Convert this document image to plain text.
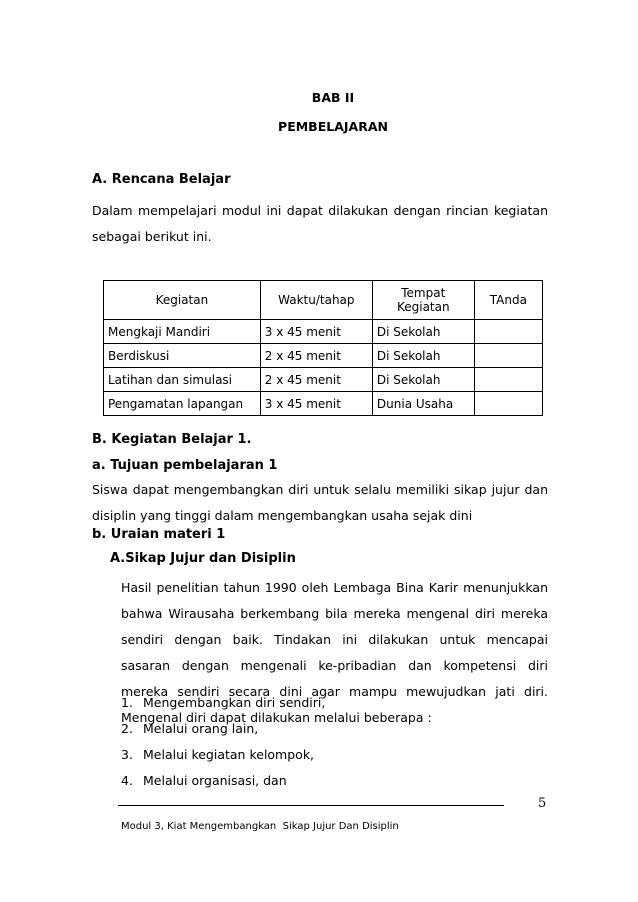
BAB II
PEMBELAJARAN
A. Rencana Belajar
Dalam mempelajari modul ini dapat dilakukan dengan rincian kegiatan sebagai berikut ini.
Kegiatan	Waktu/tahap	Tempat Kegiatan	TAnda
Mengkaji Mandiri	3 x 45 menit	Di Sekolah	
Berdiskusi	2 x 45 menit	Di Sekolah	
Latihan dan simulasi	2 x 45 menit	Di Sekolah	
Pengamatan lapangan	3 x 45 menit	Dunia Usaha	
B. Kegiatan Belajar 1.
a. Tujuan pembelajaran 1
Siswa dapat mengembangkan diri untuk selalu memiliki sikap jujur dan disiplin yang tinggi dalam mengembangkan usaha sejak dini
b. Uraian materi 1
A.Sikap Jujur dan Disiplin
Hasil penelitian tahun 1990 oleh Lembaga Bina Karir menunjukkan bahwa Wirausaha berkembang bila mereka mengenal diri mereka sendiri dengan baik. Tindakan ini dilakukan untuk mencapai sasaran dengan mengenali ke-pribadian dan kompetensi diri mereka sendiri secara dini agar mampu mewujudkan jati diri. Mengenal diri dapat dilakukan melalui beberapa :
1. Mengembangkan diri sendiri,
2. Melalui orang lain,
3. Melalui kegiatan kelompok,
4. Melalui organisasi, dan
5
Modul 3, Kiat Mengembangkan  Sikap Jujur Dan Disiplin
